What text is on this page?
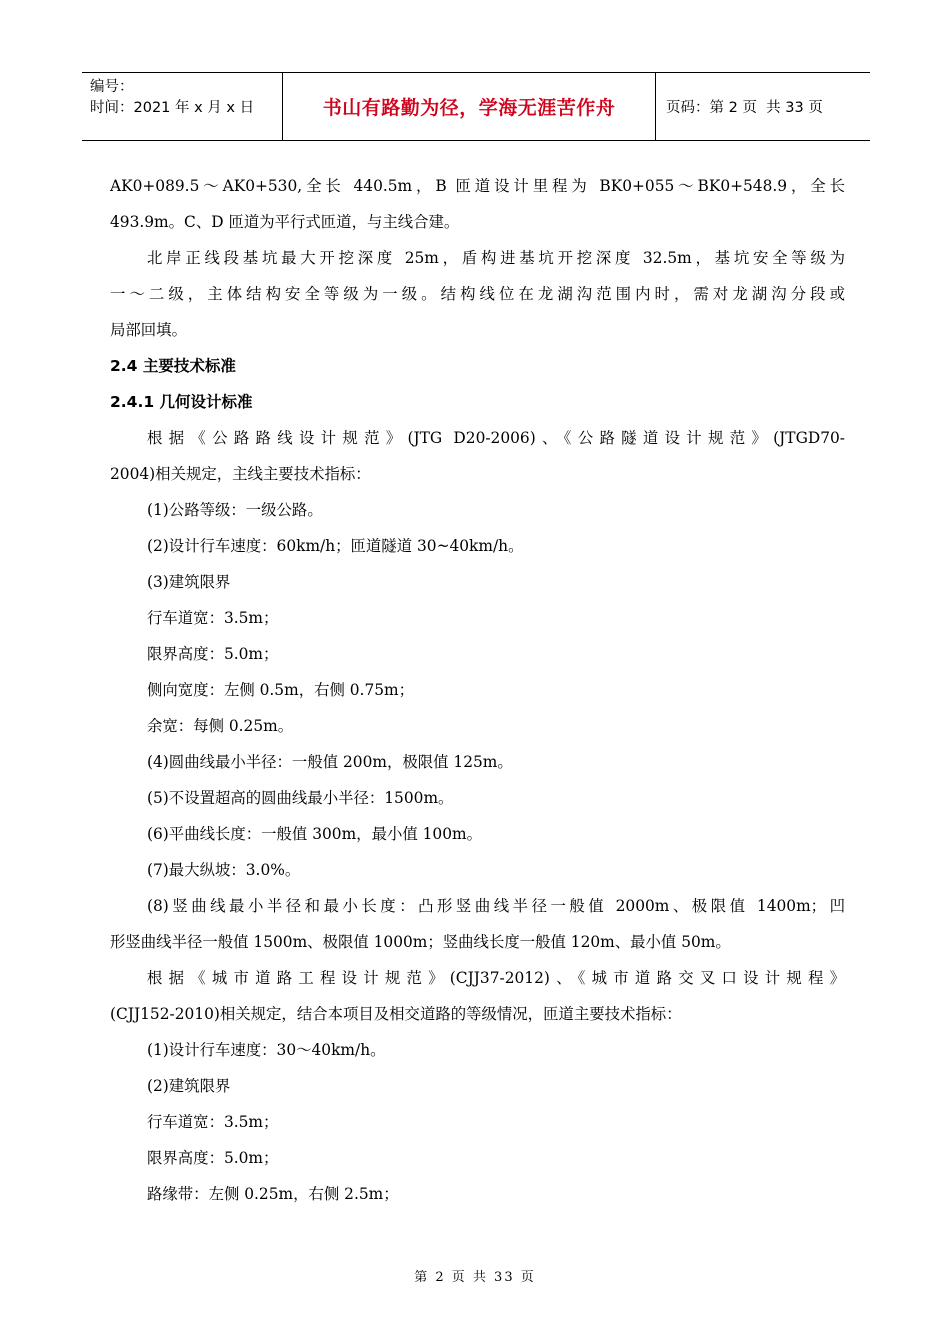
编号：
时间：2021 年 x 月 x 日	书山有路勤为径，学海无涯苦作舟	页码：第 2 页  共 33 页
AK0+089.5～AK0+530,全长 440.5m，B 匝道设计里程为 BK0+055～BK0+548.9，全长
493.9m。C、D 匝道为平行式匝道，与主线合建。
北岸正线段基坑最大开挖深度 25m，盾构进基坑开挖深度 32.5m，基坑安全等级为
一～二级，主体结构安全等级为一级。结构线位在龙湖沟范围内时，需对龙湖沟分段或
局部回填。
2.4 主要技术标准
2.4.1 几何设计标准
根据《公路路线设计规范》(JTG D20-2006)、《公路隧道设计规范》(JTGD70-
2004)相关规定，主线主要技术指标：
(1)公路等级：一级公路。
(2)设计行车速度：60km/h；匝道隧道 30~40km/h。
(3)建筑限界
行车道宽：3.5m；
限界高度：5.0m；
侧向宽度：左侧 0.5m，右侧 0.75m；
余宽：每侧 0.25m。
(4)圆曲线最小半径：一般值 200m，极限值 125m。
(5)不设置超高的圆曲线最小半径：1500m。
(6)平曲线长度：一般值 300m，最小值 100m。
(7)最大纵坡：3.0%。
(8)竖曲线最小半径和最小长度：凸形竖曲线半径一般值 2000m、极限值 1400m；凹
形竖曲线半径一般值 1500m、极限值 1000m；竖曲线长度一般值 120m、最小值 50m。
根据《城市道路工程设计规范》(CJJ37-2012)、《城市道路交叉口设计规程》
(CJJ152-2010)相关规定，结合本项目及相交道路的等级情况，匝道主要技术指标：
(1)设计行车速度：30～40km/h。
(2)建筑限界
行车道宽：3.5m；
限界高度：5.0m；
路缘带：左侧 0.25m，右侧 2.5m；
第 2 页 共 33 页
